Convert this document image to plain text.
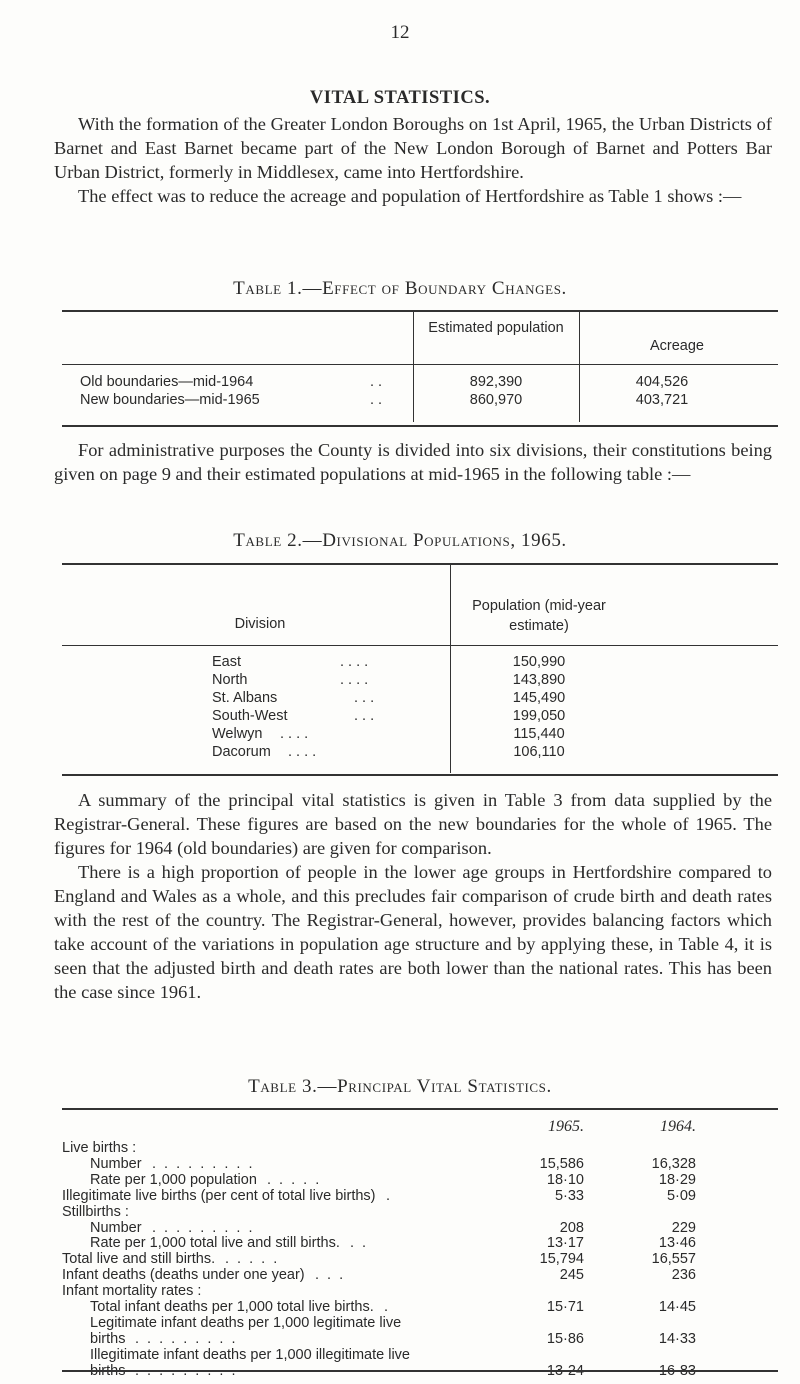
12
VITAL STATISTICS.

With the formation of the Greater London Boroughs on 1st April, 1965, the Urban Districts of Barnet and East Barnet became part of the New London Borough of Barnet and Potters Bar Urban District, formerly in Middlesex, came into Hertfordshire.

The effect was to reduce the acreage and population of Hertfordshire as Table 1 shows :—

Table 1.—Effect of Boundary Changes.
Estimated population
Acreage
Old boundaries—mid-1964	. .	892,390	404,526
New boundaries—mid-1965	. .	860,970	403,721

For administrative purposes the County is divided into six divisions, their constitutions being given on page 9 and their estimated populations at mid-1965 in the following table :—

Table 2.—Divisional Populations, 1965.
Division
Population (mid-year estimate)
East	. . . .	150,990
North	. . . .	143,890
St. Albans	. . .	145,490
South-West	. . .	199,050
Welwyn . . . .	115,440
Dacorum . . . .	106,110

A summary of the principal vital statistics is given in Table 3 from data supplied by the Registrar-General. These figures are based on the new boundaries for the whole of 1965. The figures for 1964 (old boundaries) are given for comparison.

There is a high proportion of people in the lower age groups in Hertfordshire compared to England and Wales as a whole, and this precludes fair comparison of crude birth and death rates with the rest of the country. The Registrar-General, however, provides balancing factors which take account of the variations in population age structure and by applying these, in Table 4, it is seen that the adjusted birth and death rates are both lower than the national rates. This has been the case since 1961.

Table 3.—Principal Vital Statistics.
1965.	1964.
Live births :
Number . . . . . . . . .	15,586	16,328
Rate per 1,000 population . . . . .	18·10	18·29
Illegitimate live births (per cent of total live births) .	5·33	5·09
Stillbirths :
Number . . . . . . . . .	208	229
Rate per 1,000 total live and still births. . .	13·17	13·46
Total live and still births. . . . . .	15,794	16,557
Infant deaths (deaths under one year) . . .	245	236
Infant mortality rates :
Total infant deaths per 1,000 total live births. .	15·71	14·45
Legitimate infant deaths per 1,000 legitimate live
births . . . . . . . . .	15·86	14·33
Illegitimate infant deaths per 1,000 illegitimate live
births . . . . . . . . .	13·24	16·83
